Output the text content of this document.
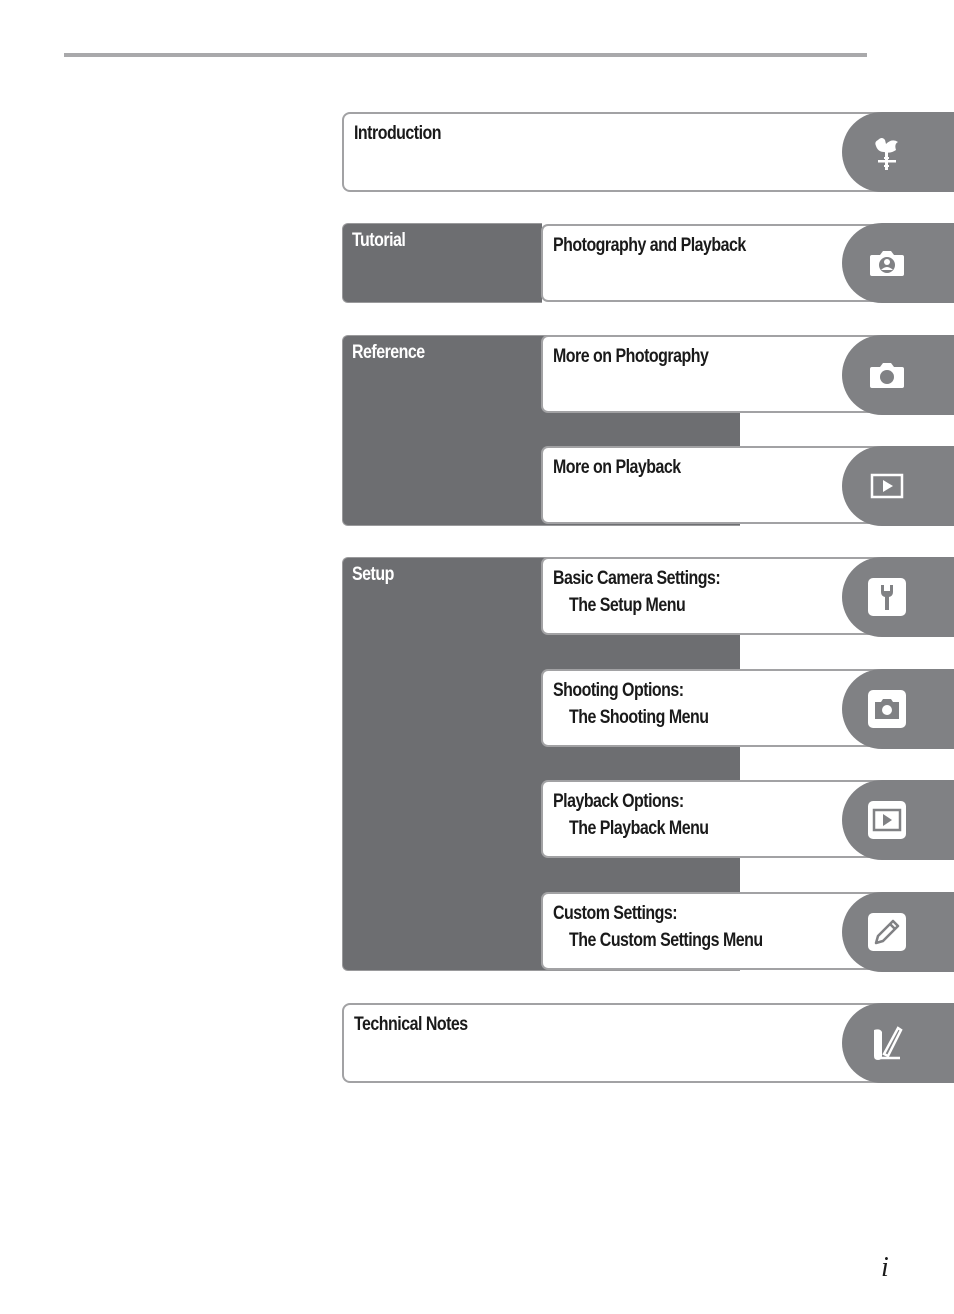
Introduction
Tutorial	Photography and Playback
Reference	More on Photography
More on Playback
Setup	Basic Camera Settings:
The Setup Menu
Shooting Options:
The Shooting Menu
Playback Options:
The Playback Menu
Custom Settings:
The Custom Settings Menu
Technical Notes
i
